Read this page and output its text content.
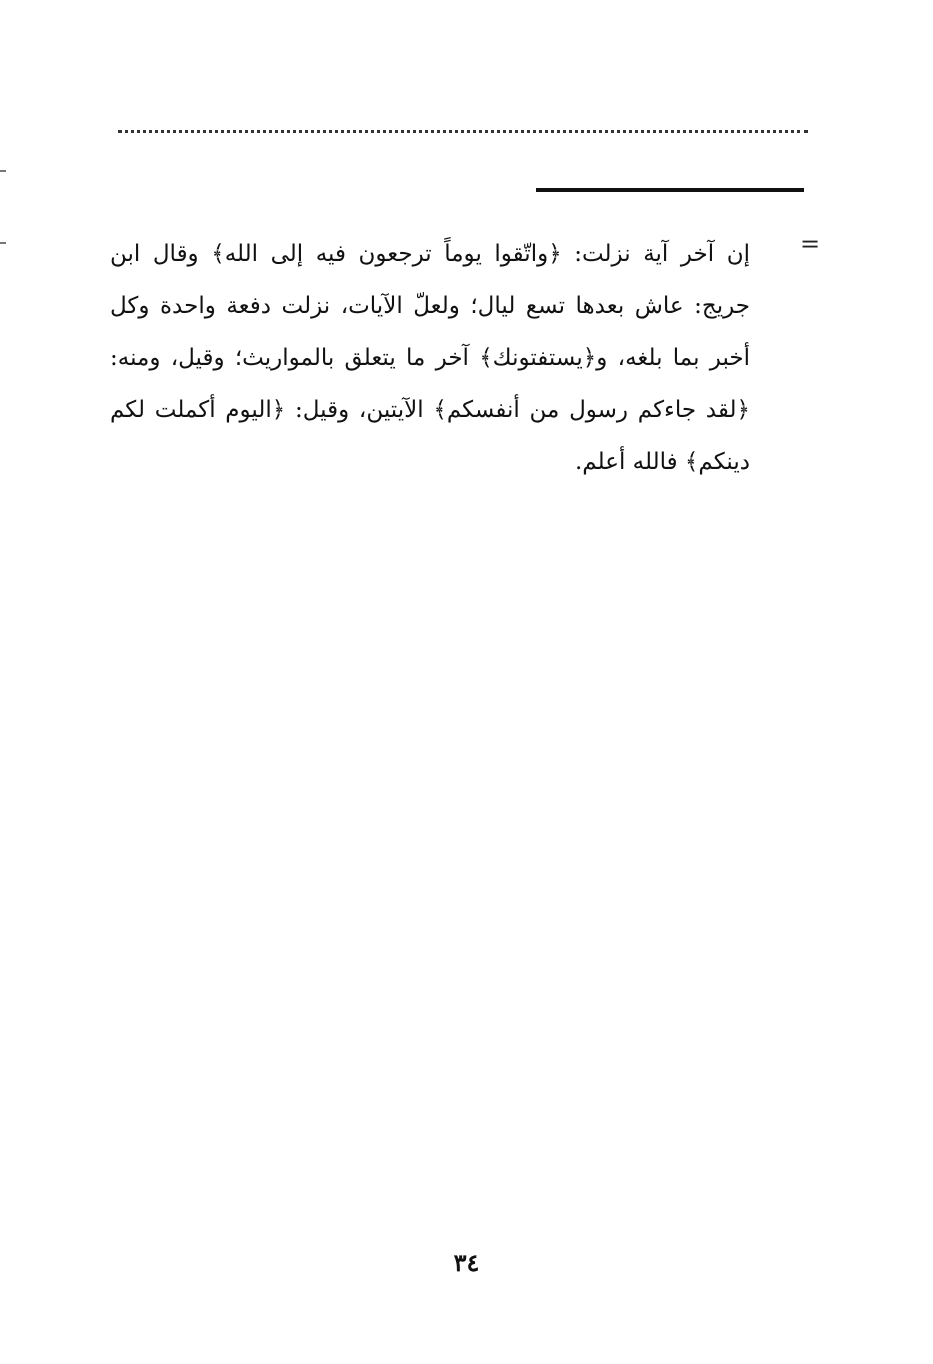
=
إن آخر آية نزلت: ﴿واتّقوا يوماً ترجعون فيه إلى الله﴾ وقال ابن جريج: عاش بعدها تسع ليال؛ ولعلّ الآيات، نزلت دفعة واحدة وكل أخبر بما بلغه، و﴿يستفتونك﴾ آخر ما يتعلق بالمواريث؛ وقيل، ومنه: ﴿لقد جاءكم رسول من أنفسكم﴾ الآيتين، وقيل: ﴿اليوم أكملت لكم دينكم﴾ فالله أعلم.
٣٤
